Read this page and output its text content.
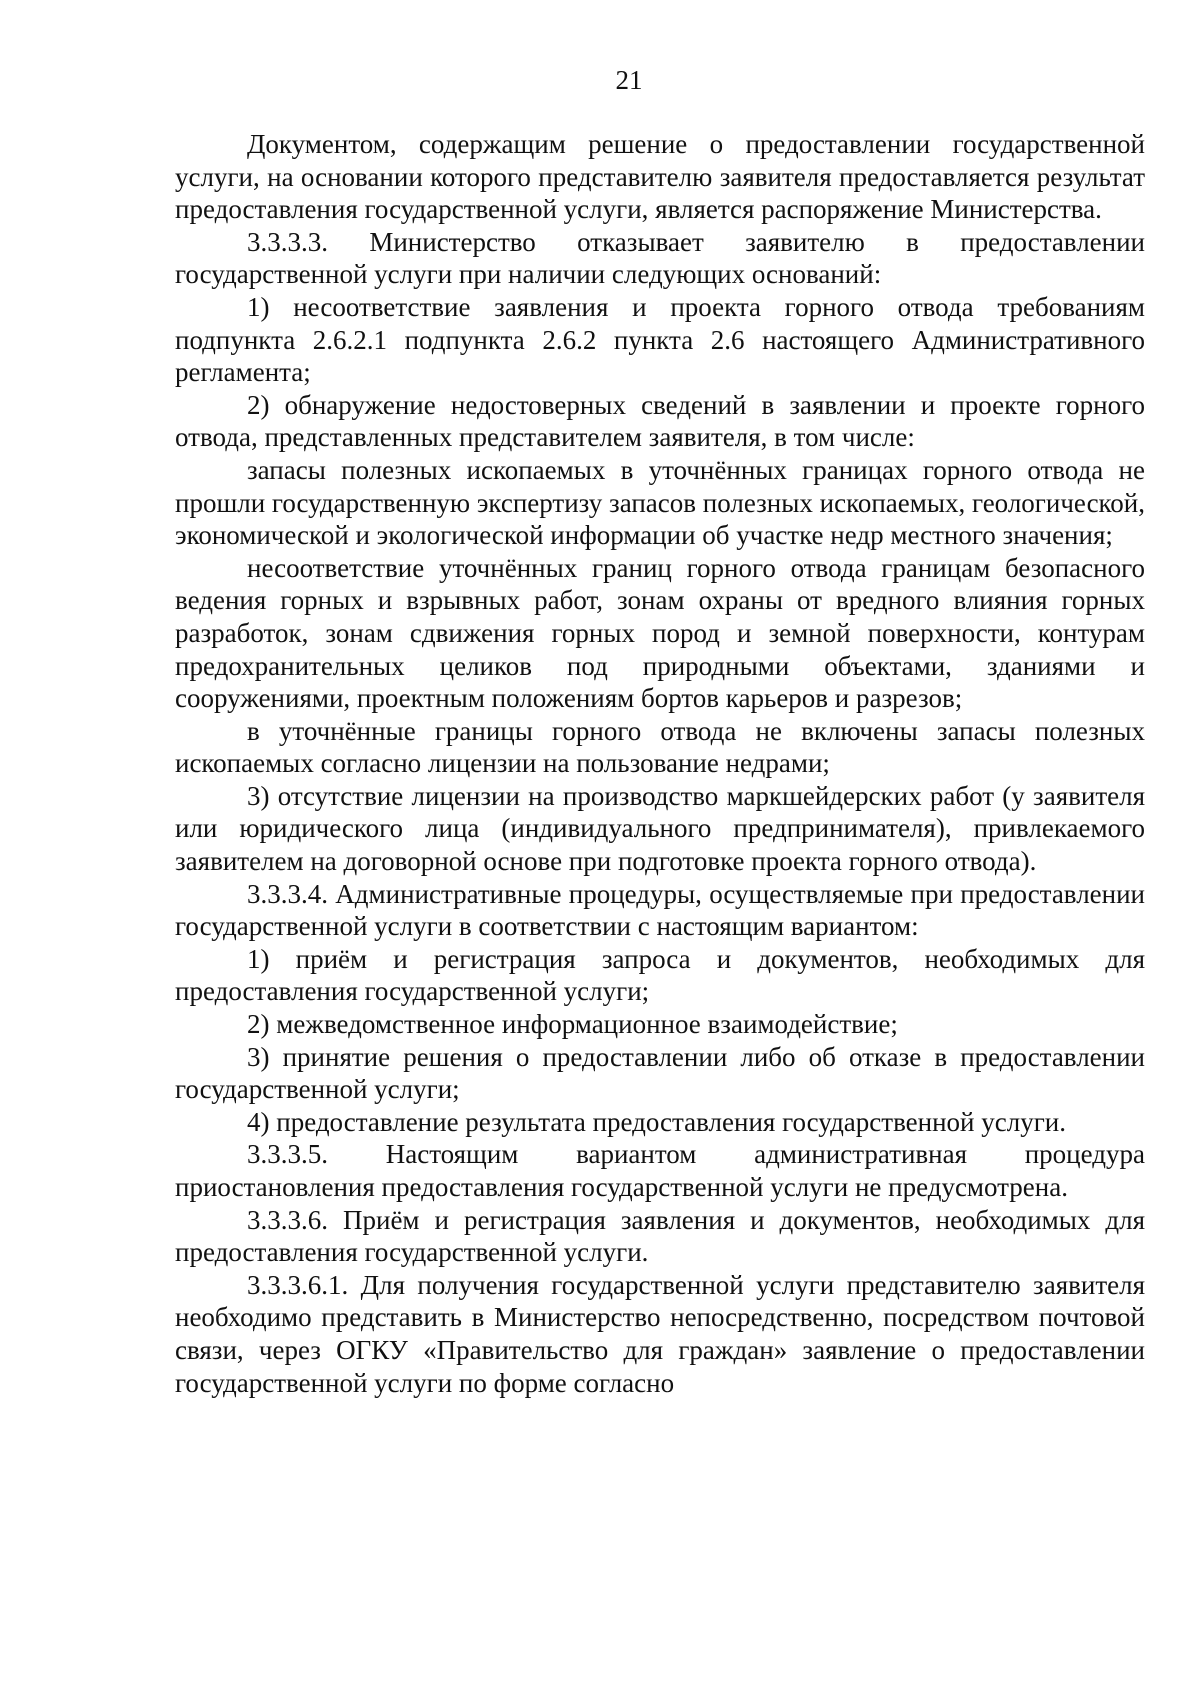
21

Документом, содержащим решение о предоставлении государственной услуги, на основании которого представителю заявителя предоставляется результат предоставления государственной услуги, является распоряжение Министерства.

3.3.3.3. Министерство отказывает заявителю в предоставлении государственной услуги при наличии следующих оснований:

1) несоответствие заявления и проекта горного отвода требованиям подпункта 2.6.2.1 подпункта 2.6.2 пункта 2.6 настоящего Административного регламента;

2) обнаружение недостоверных сведений в заявлении и проекте горного отвода, представленных представителем заявителя, в том числе:

запасы полезных ископаемых в уточнённых границах горного отвода не прошли государственную экспертизу запасов полезных ископаемых, геологической, экономической и экологической информации об участке недр местного значения;

несоответствие уточнённых границ горного отвода границам безопасного ведения горных и взрывных работ, зонам охраны от вредного влияния горных разработок, зонам сдвижения горных пород и земной поверхности, контурам предохранительных целиков под природными объектами, зданиями и сооружениями, проектным положениям бортов карьеров и разрезов;

в уточнённые границы горного отвода не включены запасы полезных ископаемых согласно лицензии на пользование недрами;

3) отсутствие лицензии на производство маркшейдерских работ (у заявителя или юридического лица (индивидуального предпринимателя), привлекаемого заявителем на договорной основе при подготовке проекта горного отвода).

3.3.3.4. Административные процедуры, осуществляемые при предоставлении государственной услуги в соответствии с настоящим вариантом:

1) приём и регистрация запроса и документов, необходимых для предоставления государственной услуги;

2) межведомственное информационное взаимодействие;

3) принятие решения о предоставлении либо об отказе в предоставлении государственной услуги;

4) предоставление результата предоставления государственной услуги.

3.3.3.5. Настоящим вариантом административная процедура приостановления предоставления государственной услуги не предусмотрена.

3.3.3.6. Приём и регистрация заявления и документов, необходимых для предоставления государственной услуги.

3.3.3.6.1. Для получения государственной услуги представителю заявителя необходимо представить в Министерство непосредственно, посредством почтовой связи, через ОГКУ «Правительство для граждан» заявление о предоставлении государственной услуги по форме согласно
